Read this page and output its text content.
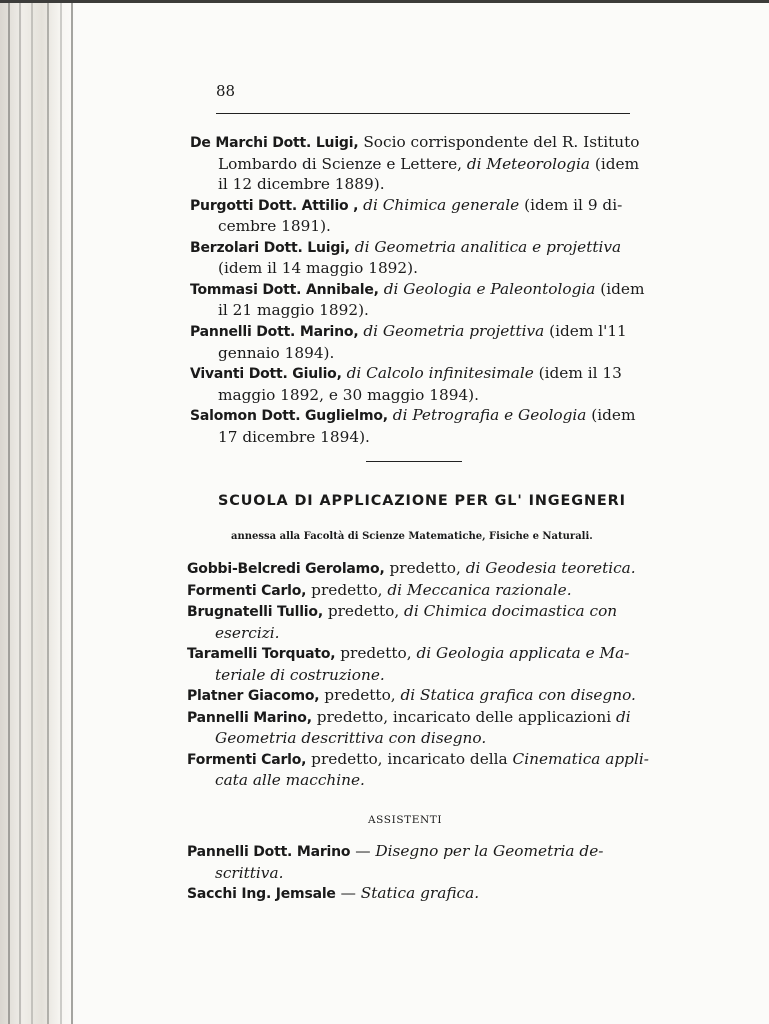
88
De Marchi Dott. Luigi, Socio corrispondente del R. Istituto
Lombardo di Scienze e Lettere, di Meteorologia (idem
il 12 dicembre 1889).
Purgotti Dott. Attilio , di Chimica generale (idem il 9 di-
cembre 1891).
Berzolari Dott. Luigi, di Geometria analitica e projettiva
(idem il 14 maggio 1892).
Tommasi Dott. Annibale, di Geologia e Paleontologia (idem
il 21 maggio 1892).
Pannelli Dott. Marino, di Geometria projettiva (idem l'11
gennaio 1894).
Vivanti Dott. Giulio, di Calcolo infinitesimale (idem il 13
maggio 1892, e 30 maggio 1894).
Salomon Dott. Guglielmo, di Petrografia e Geologia (idem
17 dicembre 1894).
SCUOLA DI APPLICAZIONE PER GL' INGEGNERI
annessa alla Facoltà di Scienze Matematiche, Fisiche e Naturali.
Gobbi-Belcredi Gerolamo, predetto, di Geodesia teoretica.
Formenti Carlo, predetto, di Meccanica razionale.
Brugnatelli Tullio, predetto, di Chimica docimastica con
esercizi.
Taramelli Torquato, predetto, di Geologia applicata e Ma-
teriale di costruzione.
Platner Giacomo, predetto, di Statica grafica con disegno.
Pannelli Marino, predetto, incaricato delle applicazioni di
Geometria descrittiva con disegno.
Formenti Carlo, predetto, incaricato della Cinematica appli-
cata alle macchine.
ASSISTENTI
Pannelli Dott. Marino — Disegno per la Geometria de-
scrittiva.
Sacchi Ing. Jemsale — Statica grafica.
